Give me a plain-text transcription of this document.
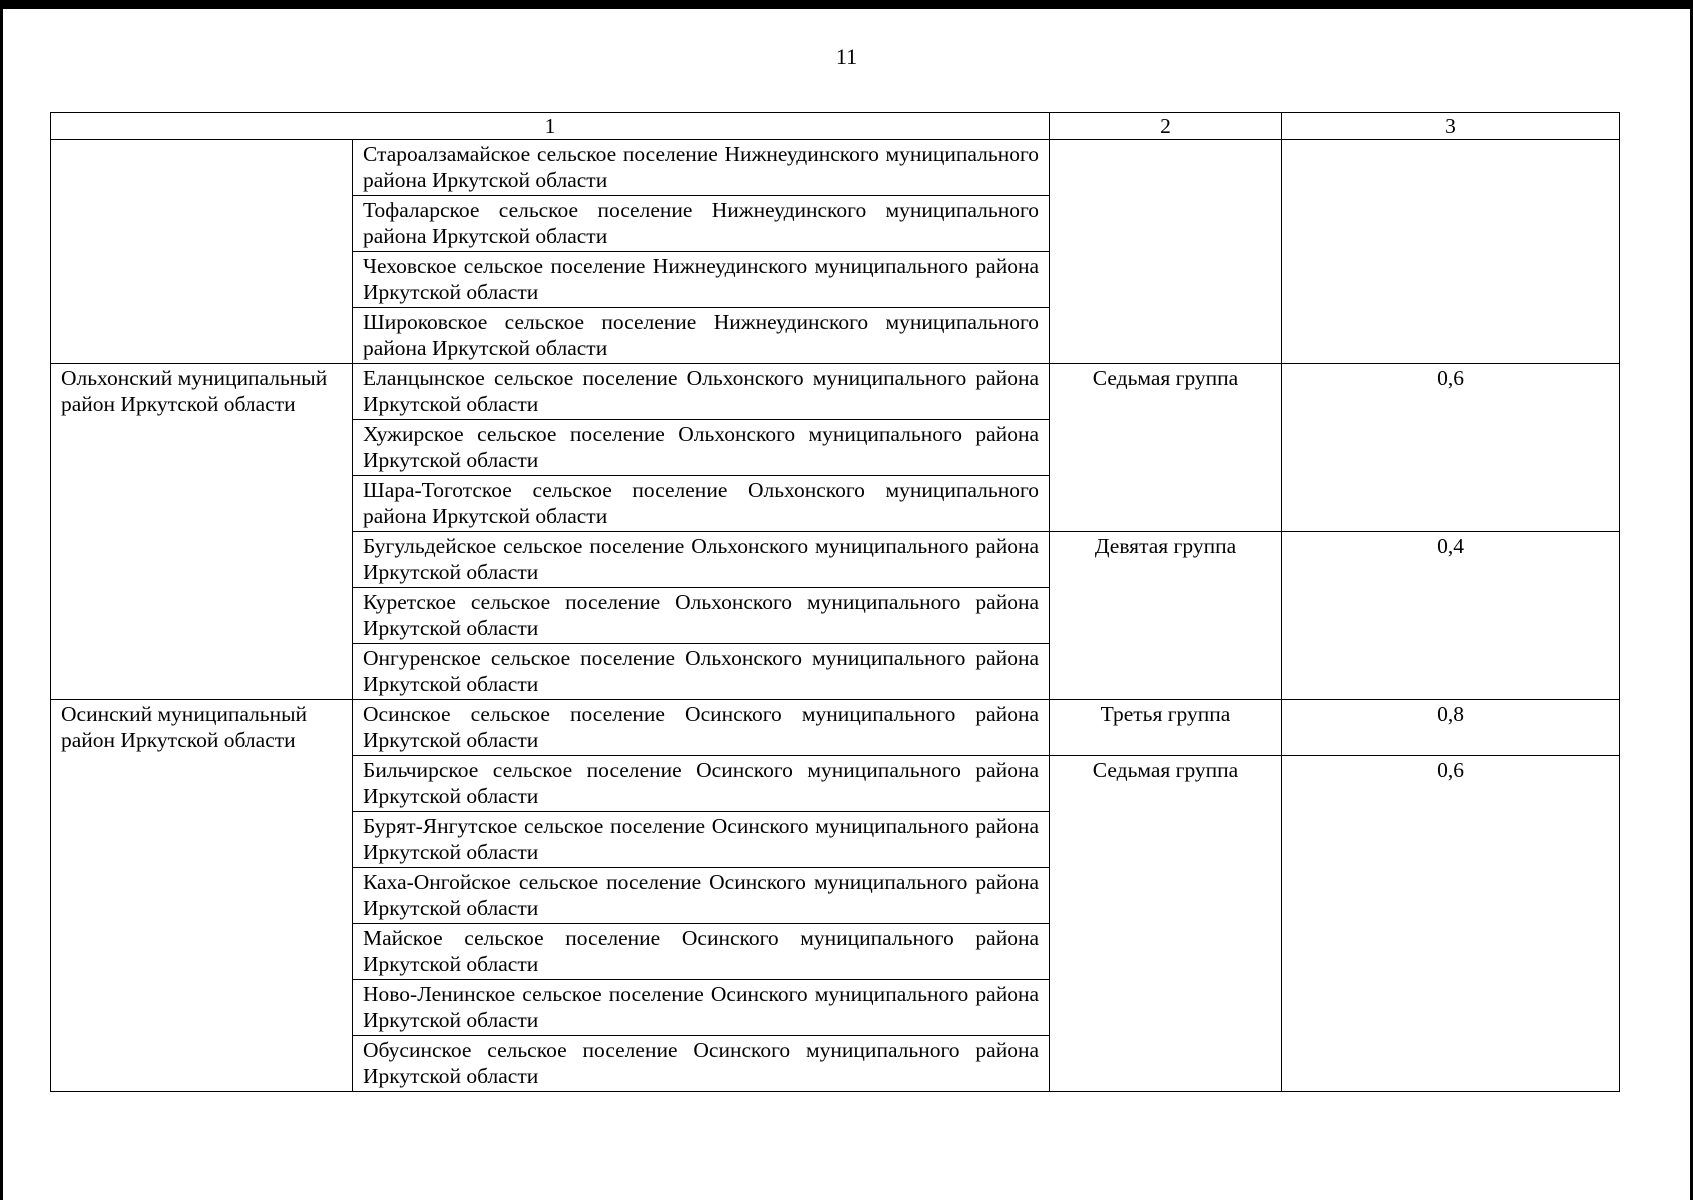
11
1		2	3
	Староалзамайское сельское поселение Нижнеудинского муниципального района Иркутской области		
	Тофаларское сельское поселение Нижнеудинского муниципального района Иркутской области		
	Чеховское сельское поселение Нижнеудинского муниципального района Иркутской области		
	Широковское сельское поселение Нижнеудинского муниципального района Иркутской области		
Ольхонский муниципальный район Иркутской области	Еланцынское сельское поселение Ольхонского муниципального района Иркутской области	Седьмая группа	0,6
	Хужирское сельское поселение Ольхонского муниципального района Иркутской области		
	Шара-Тоготское сельское поселение Ольхонского муниципального района Иркутской области		
	Бугульдейское сельское поселение Ольхонского муниципального района Иркутской области	Девятая группа	0,4
	Куретское сельское поселение Ольхонского муниципального района Иркутской области		
	Онгуренское сельское поселение Ольхонского муниципального района Иркутской области		
Осинский муниципальный район Иркутской области	Осинское сельское поселение Осинского муниципального района Иркутской области	Третья группа	0,8
	Бильчирское сельское поселение Осинского муниципального района Иркутской области	Седьмая группа	0,6
	Бурят-Янгутское сельское поселение Осинского муниципального района Иркутской области		
	Каха-Онгойское сельское поселение Осинского муниципального района Иркутской области		
	Майское сельское поселение Осинского муниципального района Иркутской области		
	Ново-Ленинское сельское поселение Осинского муниципального района Иркутской области		
	Обусинское сельское поселение Осинского муниципального района Иркутской области		
